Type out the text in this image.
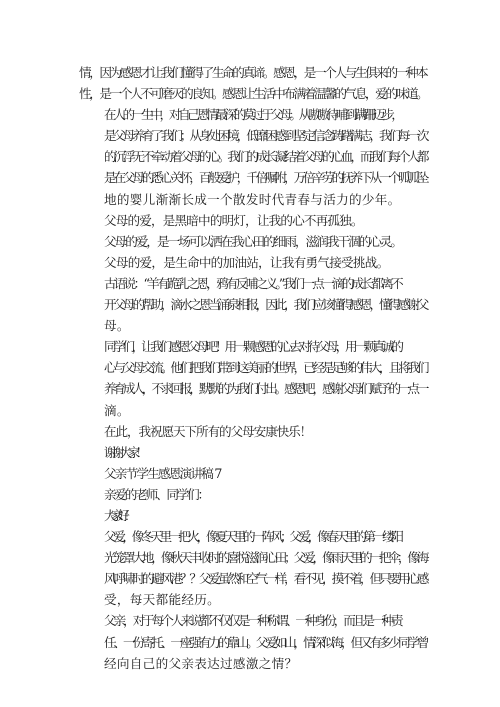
情，因为感恩才让我们懂得了生命的真谛。感恩，是一个人与生俱来的一种本
性，是一个人不可磨灭的良知。感恩让生活中布满着温馨的气息，爱的味道。
在人的一生中，对自己恩情最深的莫过于父母。从嗷嗷待哺到蹒跚迈步，
是父母养育了我们；从身处困境，低靡困惑到坚定信念踌躇满志，我们每一次
的沉浮无不牵动着父母的心。我们的成长凝结着父母的心血，而我们每个人都
是在父母的悉心关怀，百般爱护，千倍嘱咐，万倍辛劳的抚养下从一个呱呱坠
地的婴儿渐渐长成一个散发时代青春与活力的少年。
父母的爱，是黑暗中的明灯，让我的心不再孤独。
父母的爱，是一场可以洒在我心田的细雨，滋润我干涸的心灵。
父母的爱，是生命中的加油站，让我有勇气接受挑战。
古语说：“羊有跪乳之恩，鸦有反哺之义。”我们一点一滴的成长都离不
开父母的帮助，滴水之恩当涌泉相报，因此，我们应该懂得感恩，懂得感谢父
母。
同学们，让我们感恩父母吧！用一颗感恩的心去对待父母，用一颗真诚的
心与父母交流。他们把我们带到这美丽的世界，已经是足够的伟大，且将我们
养育成人，不求回报，默默的为我们付出。感恩吧，感谢父母们赋予的一点一
滴。
在此，我祝愿天下所有的父母安康快乐！
谢谢大家！
父亲节学生感恩演讲稿 7
亲爱的老师、同学们：
大家好！
父爱，像冬天里一把火，像夏天里的一阵风；父爱，像春天里的第一缕阳
光笼罩大地，像秋天丰收时的喜悦滋润心田；父爱，像雨天里的一把伞，像海
风呼啸时的避风港？？父爱虽然和空气一样，看不见，摸不着，但只要用心感
受，每天都能经历。
父亲，对于每个人来说都不仅仅是一种称谓、一种身份，而且是一种责
任、一份寄托、一座强有力的靠山。父爱如山，情深似海，但又有多少同学曾
经向自己的父亲表达过感激之情？
